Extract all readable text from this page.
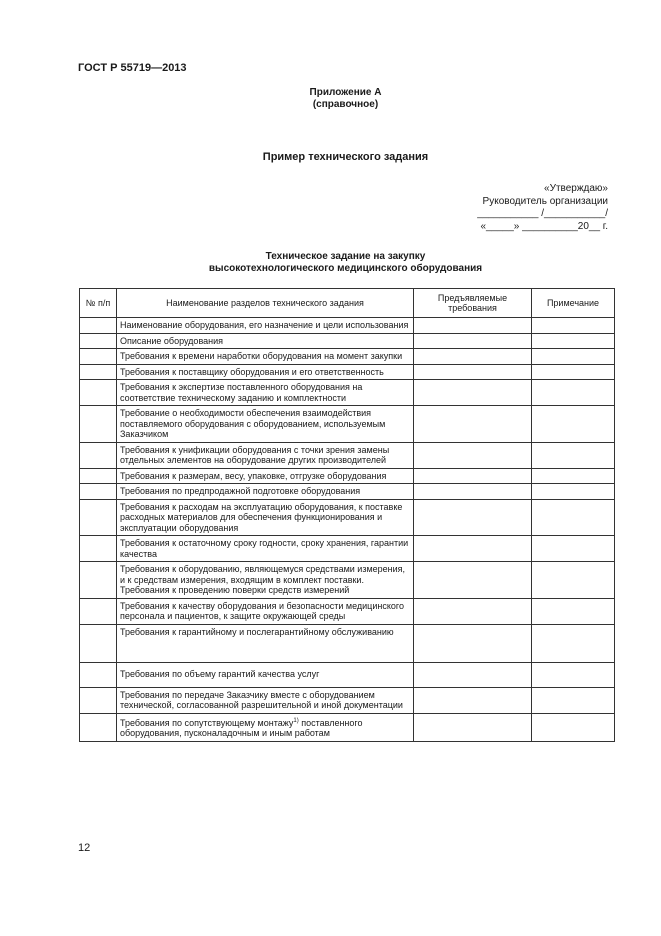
ГОСТ Р 55719—2013
Приложение А
(справочное)
Пример технического задания
«Утверждаю»
Руководитель организации
___________ /___________/
«_____» __________20__ г.
Техническое задание на закупку
высокотехнологического медицинского оборудования
№ п/п	Наименование разделов технического задания	Предъявляемые требования	Примечание
	Наименование оборудования, его назначение и цели использования		
	Описание оборудования		
	Требования к времени наработки оборудования на момент закупки		
	Требования к поставщику оборудования и его ответственность		
	Требования к экспертизе поставленного оборудования на соответствие техническому заданию и комплектности		
	Требование о необходимости обеспечения взаимодействия поставляемого оборудования с оборудованием, используемым Заказчиком		
	Требования к унификации оборудования с точки зрения замены отдельных элементов на оборудование других производителей		
	Требования к размерам, весу, упаковке, отгрузке оборудования		
	Требования по предпродажной подготовке оборудования		
	Требования к расходам на эксплуатацию оборудования, к поставке расходных материалов для обеспечения функционирования и эксплуатации оборудования		
	Требования к остаточному сроку годности, сроку хранения, гарантии качества		
	Требования к оборудованию, являющемуся средствами измерения, и к средствам измерения, входящим в комплект поставки. Требования к проведению поверки средств измерений		
	Требования к качеству оборудования и безопасности медицинского персонала и пациентов, к защите окружающей среды		
	Требования к гарантийному и послегарантийному обслуживанию		
	Требования по объему гарантий качества услуг		
	Требования по передаче Заказчику вместе с оборудованием технической, согласованной разрешительной и иной документации		
	Требования по сопутствующему монтажу$^{1)}$ поставленного оборудования, пусконаладочным и иным работам		
12
